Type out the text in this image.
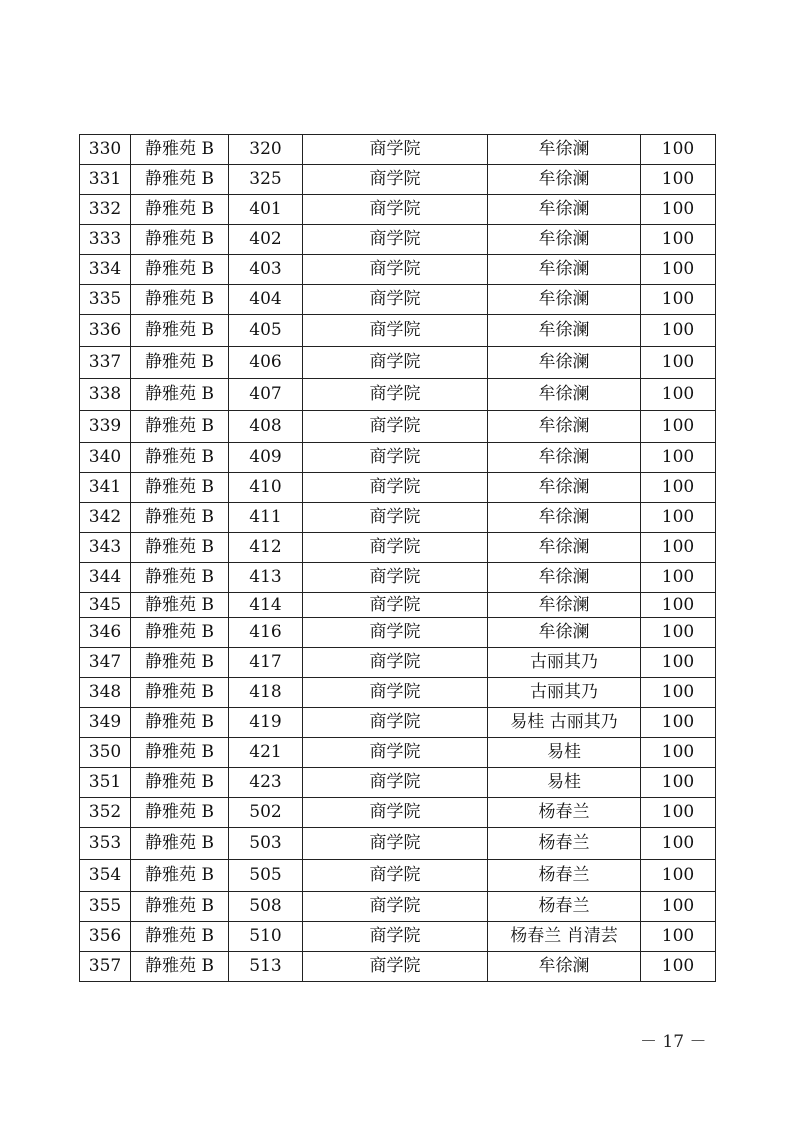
330	静雅苑 B	320	商学院	牟徐澜	100
331	静雅苑 B	325	商学院	牟徐澜	100
332	静雅苑 B	401	商学院	牟徐澜	100
333	静雅苑 B	402	商学院	牟徐澜	100
334	静雅苑 B	403	商学院	牟徐澜	100
335	静雅苑 B	404	商学院	牟徐澜	100
336	静雅苑 B	405	商学院	牟徐澜	100
337	静雅苑 B	406	商学院	牟徐澜	100
338	静雅苑 B	407	商学院	牟徐澜	100
339	静雅苑 B	408	商学院	牟徐澜	100
340	静雅苑 B	409	商学院	牟徐澜	100
341	静雅苑 B	410	商学院	牟徐澜	100
342	静雅苑 B	411	商学院	牟徐澜	100
343	静雅苑 B	412	商学院	牟徐澜	100
344	静雅苑 B	413	商学院	牟徐澜	100
345	静雅苑 B	414	商学院	牟徐澜	100
346	静雅苑 B	416	商学院	牟徐澜	100
347	静雅苑 B	417	商学院	古丽其乃	100
348	静雅苑 B	418	商学院	古丽其乃	100
349	静雅苑 B	419	商学院	易桂 古丽其乃	100
350	静雅苑 B	421	商学院	易桂	100
351	静雅苑 B	423	商学院	易桂	100
352	静雅苑 B	502	商学院	杨春兰	100
353	静雅苑 B	503	商学院	杨春兰	100
354	静雅苑 B	505	商学院	杨春兰	100
355	静雅苑 B	508	商学院	杨春兰	100
356	静雅苑 B	510	商学院	杨春兰 肖清芸	100
357	静雅苑 B	513	商学院	牟徐澜	100
－ 17 －
